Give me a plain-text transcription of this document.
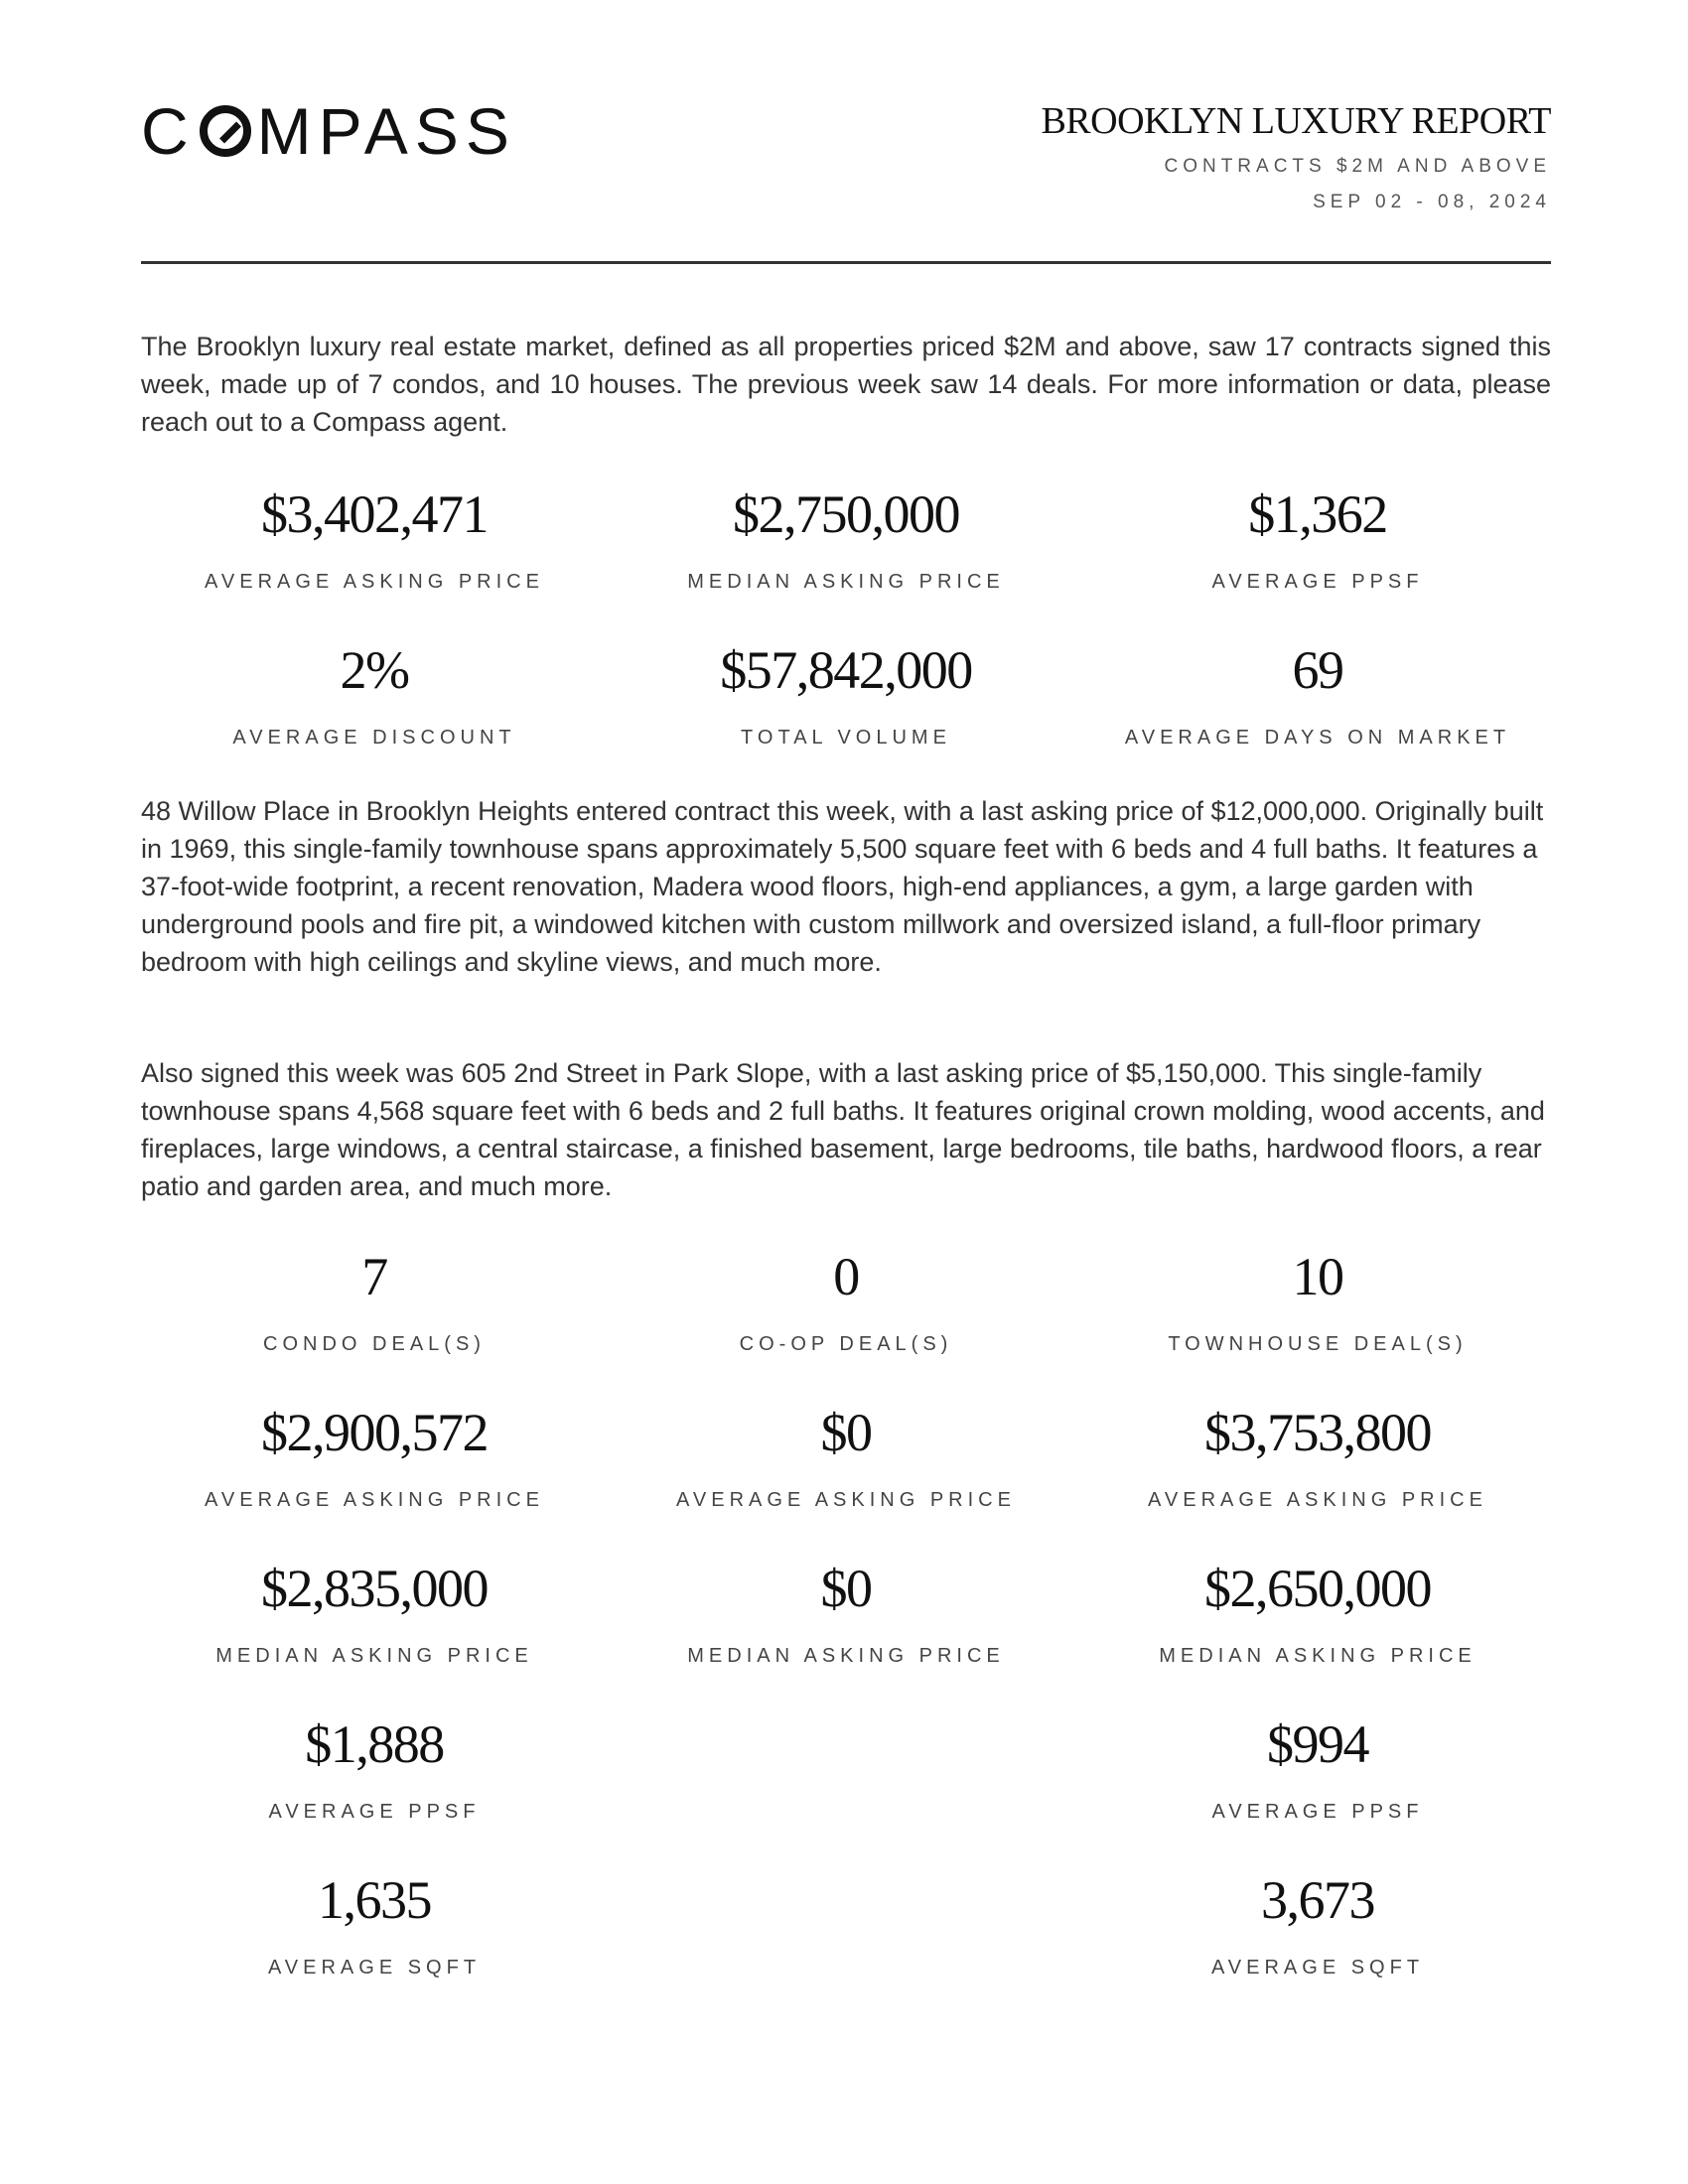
C MPASS	BROOKLYN LUXURY REPORT
CONTRACTS $2M AND ABOVE
SEP 02 - 08, 2024

The Brooklyn luxury real estate market, defined as all properties priced $2M and above, saw 17 contracts signed this week, made up of 7 condos, and 10 houses. The previous week saw 14 deals. For more information or data, please reach out to a Compass agent.

$3,402,471
AVERAGE ASKING PRICE
$2,750,000
MEDIAN ASKING PRICE
$1,362
AVERAGE PPSF
2%
AVERAGE DISCOUNT
$57,842,000
TOTAL VOLUME
69
AVERAGE DAYS ON MARKET

48 Willow Place in Brooklyn Heights entered contract this week, with a last asking price of $12,000,000. Originally built in 1969, this single-family townhouse spans approximately 5,500 square feet with 6 beds and 4 full baths. It features a 37-foot-wide footprint, a recent renovation, Madera wood floors, high-end appliances, a gym, a large garden with underground pools and fire pit, a windowed kitchen with custom millwork and oversized island, a full-floor primary bedroom with high ceilings and skyline views, and much more.

Also signed this week was 605 2nd Street in Park Slope, with a last asking price of $5,150,000. This single-family townhouse spans 4,568 square feet with 6 beds and 2 full baths. It features original crown molding, wood accents, and fireplaces, large windows, a central staircase, a finished basement, large bedrooms, tile baths, hardwood floors, a rear patio and garden area, and much more.

7
CONDO DEAL(S)
0
CO-OP DEAL(S)
10
TOWNHOUSE DEAL(S)
$2,900,572
AVERAGE ASKING PRICE
$0
AVERAGE ASKING PRICE
$3,753,800
AVERAGE ASKING PRICE
$2,835,000
MEDIAN ASKING PRICE
$0
MEDIAN ASKING PRICE
$2,650,000
MEDIAN ASKING PRICE
$1,888
AVERAGE PPSF
$994
AVERAGE PPSF
1,635
AVERAGE SQFT
3,673
AVERAGE SQFT
